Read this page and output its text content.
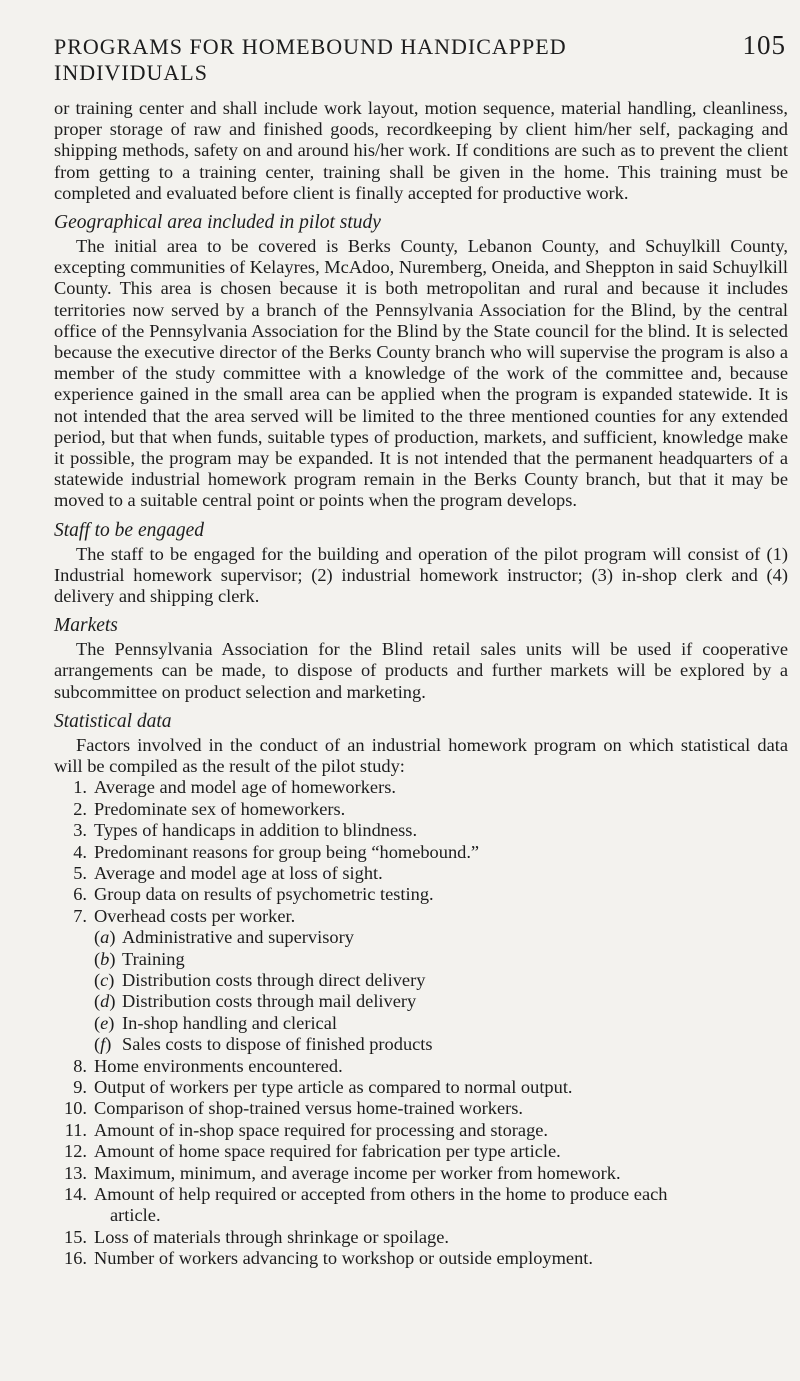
PROGRAMS FOR HOMEBOUND HANDICAPPED INDIVIDUALS
105

or training center and shall include work layout, motion sequence, material handling, cleanliness, proper storage of raw and finished goods, recordkeeping by client him/her self, packaging and shipping methods, safety on and around his/her work. If conditions are such as to prevent the client from getting to a training center, training shall be given in the home. This training must be completed and evaluated before client is finally accepted for productive work.

Geographical area included in pilot study

The initial area to be covered is Berks County, Lebanon County, and Schuylkill County, excepting communities of Kelayres, McAdoo, Nuremberg, Oneida, and Sheppton in said Schuylkill County. This area is chosen because it is both metropolitan and rural and because it includes territories now served by a branch of the Pennsylvania Association for the Blind, by the central office of the Pennsylvania Association for the Blind by the State council for the blind. It is selected because the executive director of the Berks County branch who will supervise the program is also a member of the study committee with a knowledge of the work of the committee and, because experience gained in the small area can be applied when the program is expanded statewide. It is not intended that the area served will be limited to the three mentioned counties for any extended period, but that when funds, suitable types of production, markets, and sufficient, knowledge make it possible, the program may be expanded. It is not intended that the permanent headquarters of a statewide industrial homework program remain in the Berks County branch, but that it may be moved to a suitable central point or points when the program develops.

Staff to be engaged

The staff to be engaged for the building and operation of the pilot program will consist of (1) Industrial homework supervisor; (2) industrial homework instructor; (3) in-shop clerk and (4) delivery and shipping clerk.

Markets

The Pennsylvania Association for the Blind retail sales units will be used if cooperative arrangements can be made, to dispose of products and further markets will be explored by a subcommittee on product selection and marketing.

Statistical data

Factors involved in the conduct of an industrial homework program on which statistical data will be compiled as the result of the pilot study:

1. Average and model age of homeworkers.
2. Predominate sex of homeworkers.
3. Types of handicaps in addition to blindness.
4. Predominant reasons for group being “homebound.”
5. Average and model age at loss of sight.
6. Group data on results of psychometric testing.
7. Overhead costs per worker.
(a) Administrative and supervisory
(b) Training
(c) Distribution costs through direct delivery
(d) Distribution costs through mail delivery
(e) In-shop handling and clerical
(f) Sales costs to dispose of finished products
8. Home environments encountered.
9. Output of workers per type article as compared to normal output.
10. Comparison of shop-trained versus home-trained workers.
11. Amount of in-shop space required for processing and storage.
12. Amount of home space required for fabrication per type article.
13. Maximum, minimum, and average income per worker from homework.
14. Amount of help required or accepted from others in the home to produce each
article.
15. Loss of materials through shrinkage or spoilage.
16. Number of workers advancing to workshop or outside employment.
